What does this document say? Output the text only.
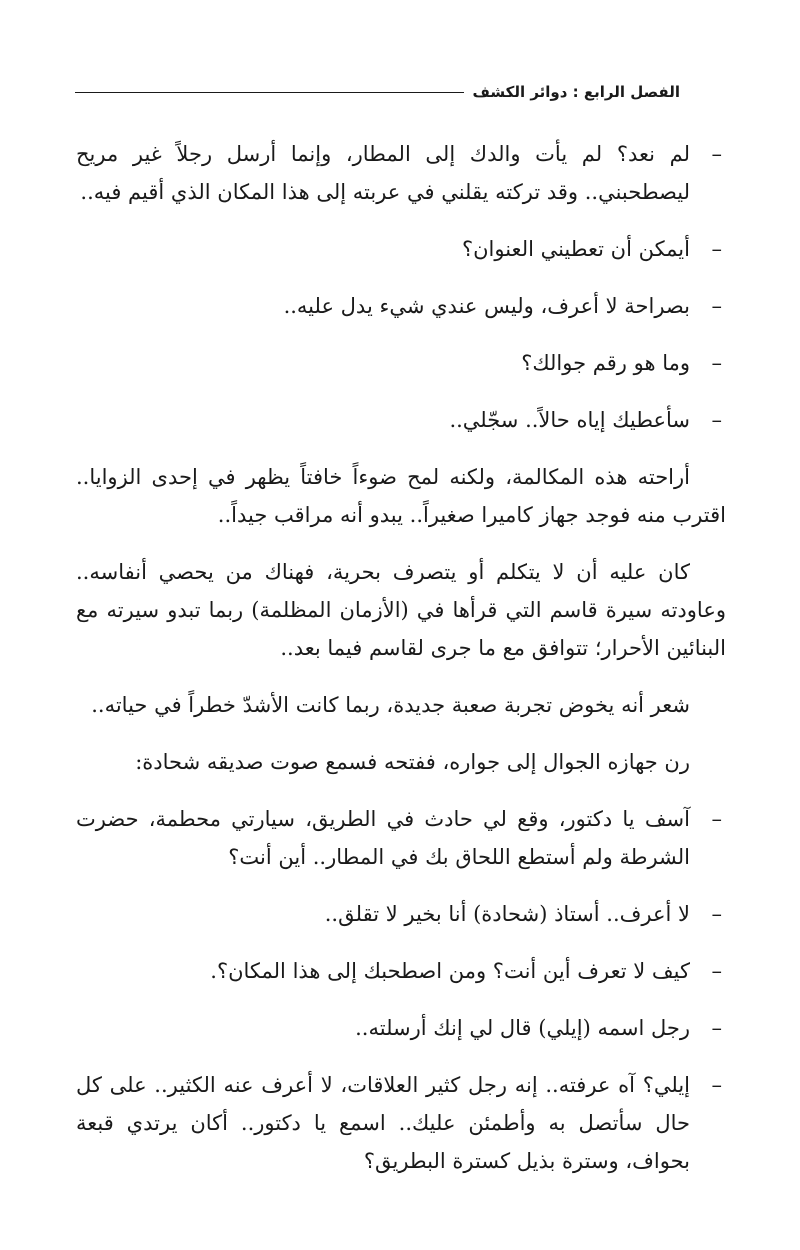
الفصل الرابع : دوائر الكشف
–
لم نعد؟ لم يأت والدك إلى المطار، وإنما أرسل رجلاً غير مريح ليصطحبني.. وقد تركته يقلني في عربته إلى هذا المكان الذي أقيم فيه..
–
أيمكن أن تعطيني العنوان؟
–
بصراحة لا أعرف، وليس عندي شيء يدل عليه..
–
وما هو رقم جوالك؟
–
سأعطيك إياه حالاً.. سجّلي..

أراحته هذه المكالمة، ولكنه لمح ضوءاً خافتاً يظهر في إحدى الزوايا.. اقترب منه فوجد جهاز كاميرا صغيراً.. يبدو أنه مراقب جيداً..

كان عليه أن لا يتكلم أو يتصرف بحرية، فهناك من يحصي أنفاسه.. وعاودته سيرة قاسم التي قرأها في (الأزمان المظلمة) ربما تبدو سيرته مع البنائين الأحرار؛ تتوافق مع ما جرى لقاسم فيما بعد..

شعر أنه يخوض تجربة صعبة جديدة، ربما كانت الأشدّ خطراً في حياته..

رن جهازه الجوال إلى جواره، ففتحه فسمع صوت صديقه شحادة:

–
آسف يا دكتور، وقع لي حادث في الطريق، سيارتي محطمة، حضرت الشرطة ولم أستطع اللحاق بك في المطار.. أين أنت؟
–
لا أعرف.. أستاذ (شحادة) أنا بخير لا تقلق..
–
كيف لا تعرف أين أنت؟ ومن اصطحبك إلى هذا المكان؟.
–
رجل اسمه (إيلي) قال لي إنك أرسلته..
–
إيلي؟ آه عرفته.. إنه رجل كثير العلاقات، لا أعرف عنه الكثير.. على كل حال سأتصل به وأطمئن عليك.. اسمع يا دكتور.. أكان يرتدي قبعة بحواف، وسترة بذيل كسترة البطريق؟
